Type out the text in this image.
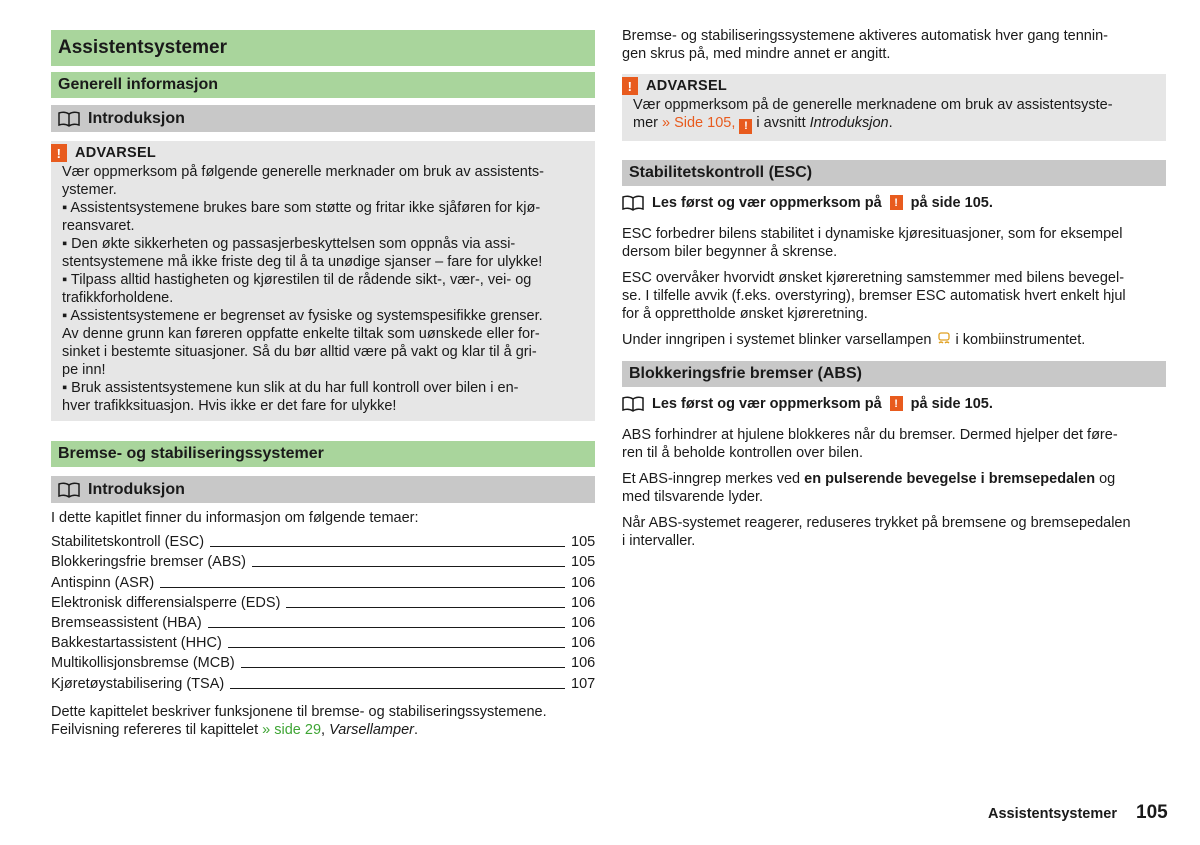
Assistentsystemer
Generell informasjon
Introduksjon
! ADVARSEL

Vær oppmerksom på følgende generelle merknader om bruk av assistents-

ystemer.

▪ Assistentsystemene brukes bare som støtte og fritar ikke sjåføren for kjø-

reansvaret.

▪ Den økte sikkerheten og passasjerbeskyttelsen som oppnås via assi-

stentsystemene må ikke friste deg til å ta unødige sjanser – fare for ulykke!

▪ Tilpass alltid hastigheten og kjørestilen til de rådende sikt-, vær-, vei- og

trafikkforholdene.

▪ Assistentsystemene er begrenset av fysiske og systemspesifikke grenser.

Av denne grunn kan føreren oppfatte enkelte tiltak som uønskede eller for-

sinket i bestemte situasjoner. Så du bør alltid være på vakt og klar til å gri-

pe inn!

▪ Bruk assistentsystemene kun slik at du har full kontroll over bilen i en-

hver trafikksituasjon. Hvis ikke er det fare for ulykke!

Bremse- og stabiliseringssystemer
Introduksjon

I dette kapitlet finner du informasjon om følgende temaer:

Stabilitetskontroll (ESC)	105
Blokkeringsfrie bremser (ABS)	105
Antispinn (ASR)	106
Elektronisk differensialsperre (EDS)	106
Bremseassistent (HBA)	106
Bakkestartassistent (HHC)	106
Multikollisjonsbremse (MCB)	106
Kjøretøystabilisering (TSA)	107

Dette kapittelet beskriver funksjonene til bremse- og stabiliseringssystemene.

Feilvisning refereres til kapittelet » side 29, Varsellamper.

Bremse- og stabiliseringssystemene aktiveres automatisk hver gang tennin-

gen skrus på, med mindre annet er angitt.

! ADVARSEL

Vær oppmerksom på de generelle merknadene om bruk av assistentsyste-

mer » Side 105, ! i avsnitt Introduksjon.

Stabilitetskontroll (ESC)
Les først og vær oppmerksom på	! på side 105.

ESC forbedrer bilens stabilitet i dynamiske kjøresituasjoner, som for eksempel

dersom biler begynner å skrense.

ESC overvåker hvorvidt ønsket kjøreretning samstemmer med bilens bevegel-

se. I tilfelle avvik (f.eks. overstyring), bremser ESC automatisk hvert enkelt hjul

for å opprettholde ønsket kjøreretning.

Under inngripen i systemet blinker varsellampen i kombiinstrumentet.

Blokkeringsfrie bremser (ABS)
Les først og vær oppmerksom på	! på side 105.

ABS forhindrer at hjulene blokkeres når du bremser. Dermed hjelper det føre-

ren til å beholde kontrollen over bilen.

Et ABS-inngrep merkes ved en pulserende bevegelse i bremsepedalen og

med tilsvarende lyder.

Når ABS-systemet reagerer, reduseres trykket på bremsene og bremsepedalen

i intervaller.

Assistentsystemer 105
